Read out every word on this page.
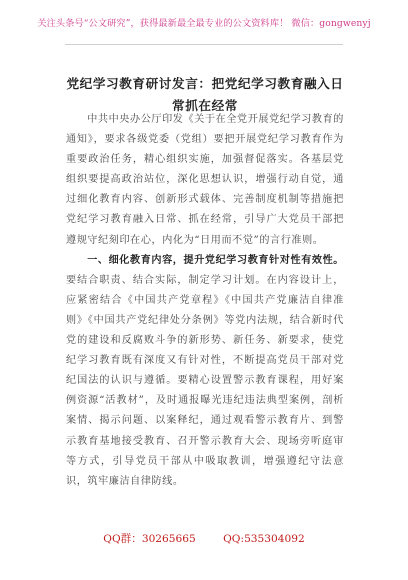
关注头条号“公文研究”，获得最新最全最专业的公文资料库！ 微信：gongwenyj
党纪学习教育研讨发言：把党纪学习教育融入日常抓在经常

中共中央办公厅印发《关于在全党开展党纪学习教育的通知》，要求各级党委（党组）要把开展党纪学习教育作为重要政治任务，精心组织实施，加强督促落实。各基层党组织要提高政治站位，深化思想认识，增强行动自觉，通过细化教育内容、创新形式载体、完善制度机制等措施把党纪学习教育融入日常、抓在经常，引导广大党员干部把遵规守纪刻印在心，内化为“日用而不觉”的言行准则。

一、细化教育内容，提升党纪学习教育针对性有效性。要结合职责、结合实际，制定学习计划。在内容设计上，应紧密结合《中国共产党章程》《中国共产党廉洁自律准则》《中国共产党纪律处分条例》等党内法规，结合新时代党的建设和反腐败斗争的新形势、新任务、新要求，使党纪学习教育既有深度又有针对性，不断提高党员干部对党纪国法的认识与遵循。要精心设置警示教育课程，用好案例资源“活教材”，及时通报曝光违纪违法典型案例，剖析案情、揭示问题、以案释纪，通过观看警示教育片、到警示教育基地接受教育、召开警示教育大会、现场旁听庭审等方式，引导党员干部从中吸取教训，增强遵纪守法意识，筑牢廉洁自律防线。

QQ群：30265665	QQ:535304092
